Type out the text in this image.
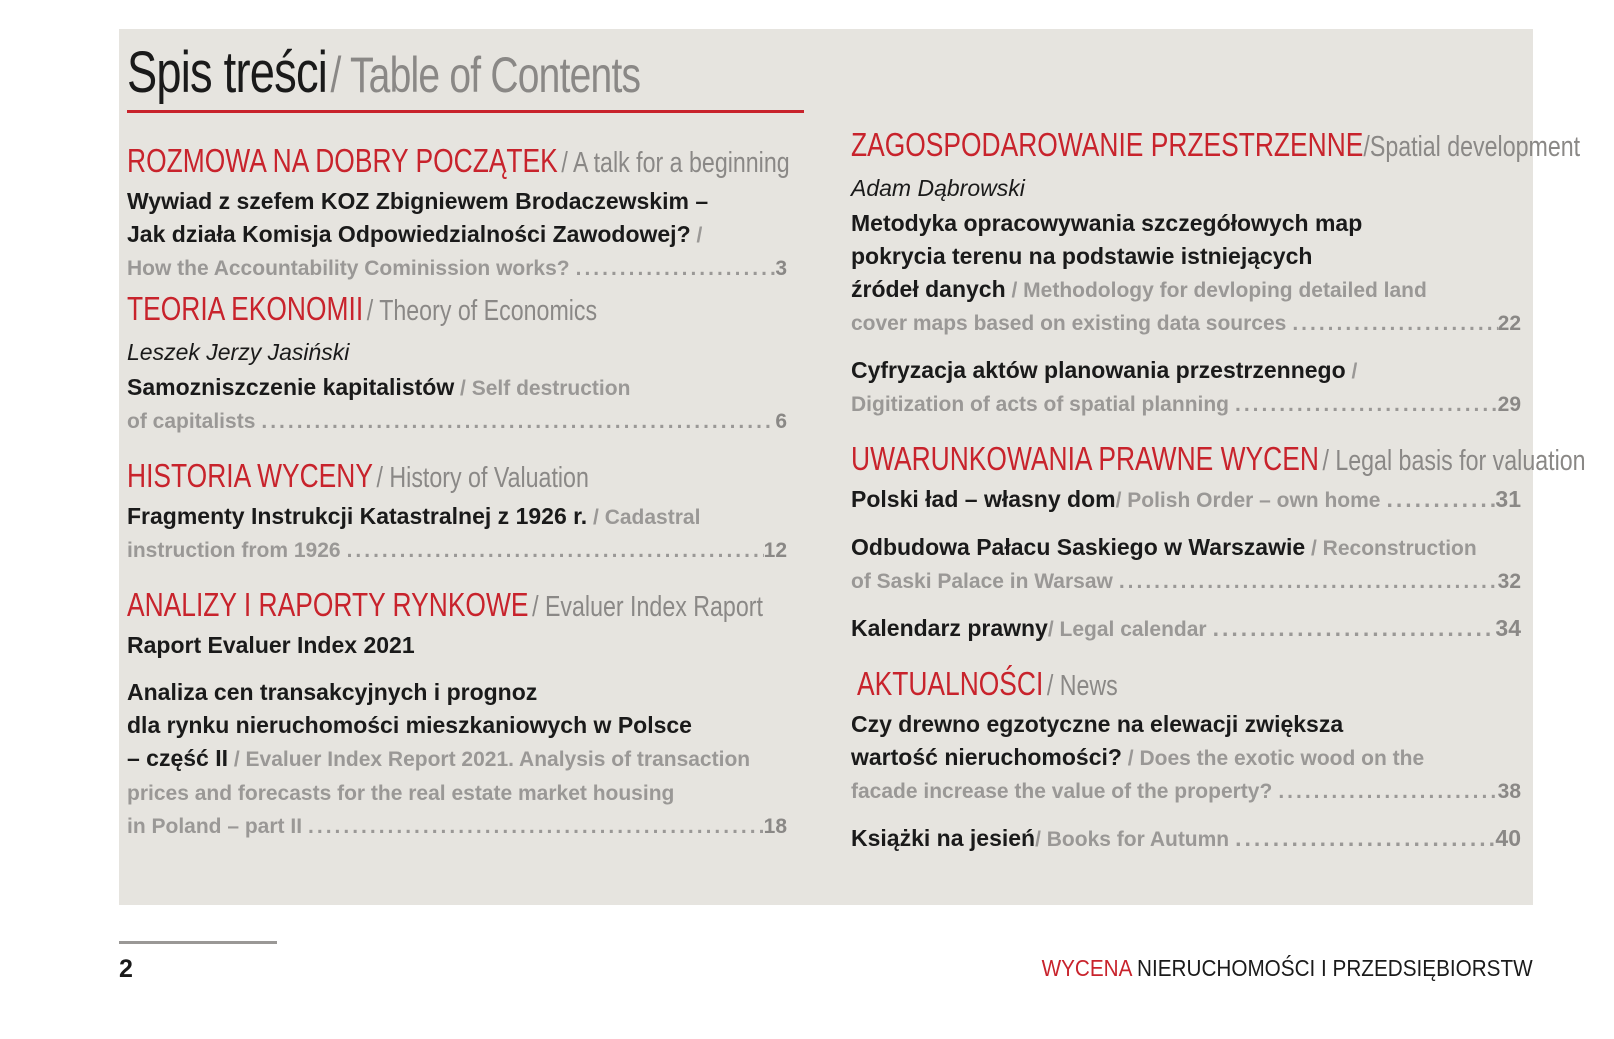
Spis treści / Table of Contents
ROZMOWA NA DOBRY POCZĄTEK / A talk for a beginning
Wywiad z szefem KOZ Zbigniewem Brodaczewskim –
Jak działa Komisja Odpowiedzialności Zawodowej? /
How the Accountability Cominission works? .....	3
TEORIA EKONOMII / Theory of Economics
Leszek Jerzy Jasiński
Samozniszczenie kapitalistów / Self destruction
of capitalists .....	6
HISTORIA WYCENY / History of Valuation
Fragmenty Instrukcji Katastralnej z 1926 r. / Cadastral
instruction from 1926 .....	12
ANALIZY I RAPORTY RYNKOWE / Evaluer Index Raport
Raport Evaluer Index 2021
Analiza cen transakcyjnych i prognoz
dla rynku nieruchomości mieszkaniowych w Polsce
– część II / Evaluer Index Report 2021. Analysis of transaction
prices and forecasts for the real estate market housing
in Poland – part II .....	18
ZAGOSPODAROWANIE PRZESTRZENNE/Spatial development
Adam Dąbrowski
Metodyka opracowywania szczegółowych map
pokrycia terenu na podstawie istniejących
źródeł danych / Methodology for devloping detailed land
cover maps based on existing data sources .....	22
Cyfryzacja aktów planowania przestrzennego /
Digitization of acts of spatial planning .....	29
UWARUNKOWANIA PRAWNE WYCEN / Legal basis for valuation
Polski ład – własny dom / Polish Order – own home .....	31
Odbudowa Pałacu Saskiego w Warszawie / Reconstruction
of Saski Palace in Warsaw .....	32
Kalendarz prawny / Legal calendar .....	34
AKTUALNOŚCI / News
Czy drewno egzotyczne na elewacji zwiększa
wartość nieruchomości? / Does the exotic wood on the
facade increase the value of the property? .....	38
Książki na jesień / Books for Autumn .....	40
2	WYCENA NIERUCHOMOŚCI I PRZEDSIĘBIORSTW
